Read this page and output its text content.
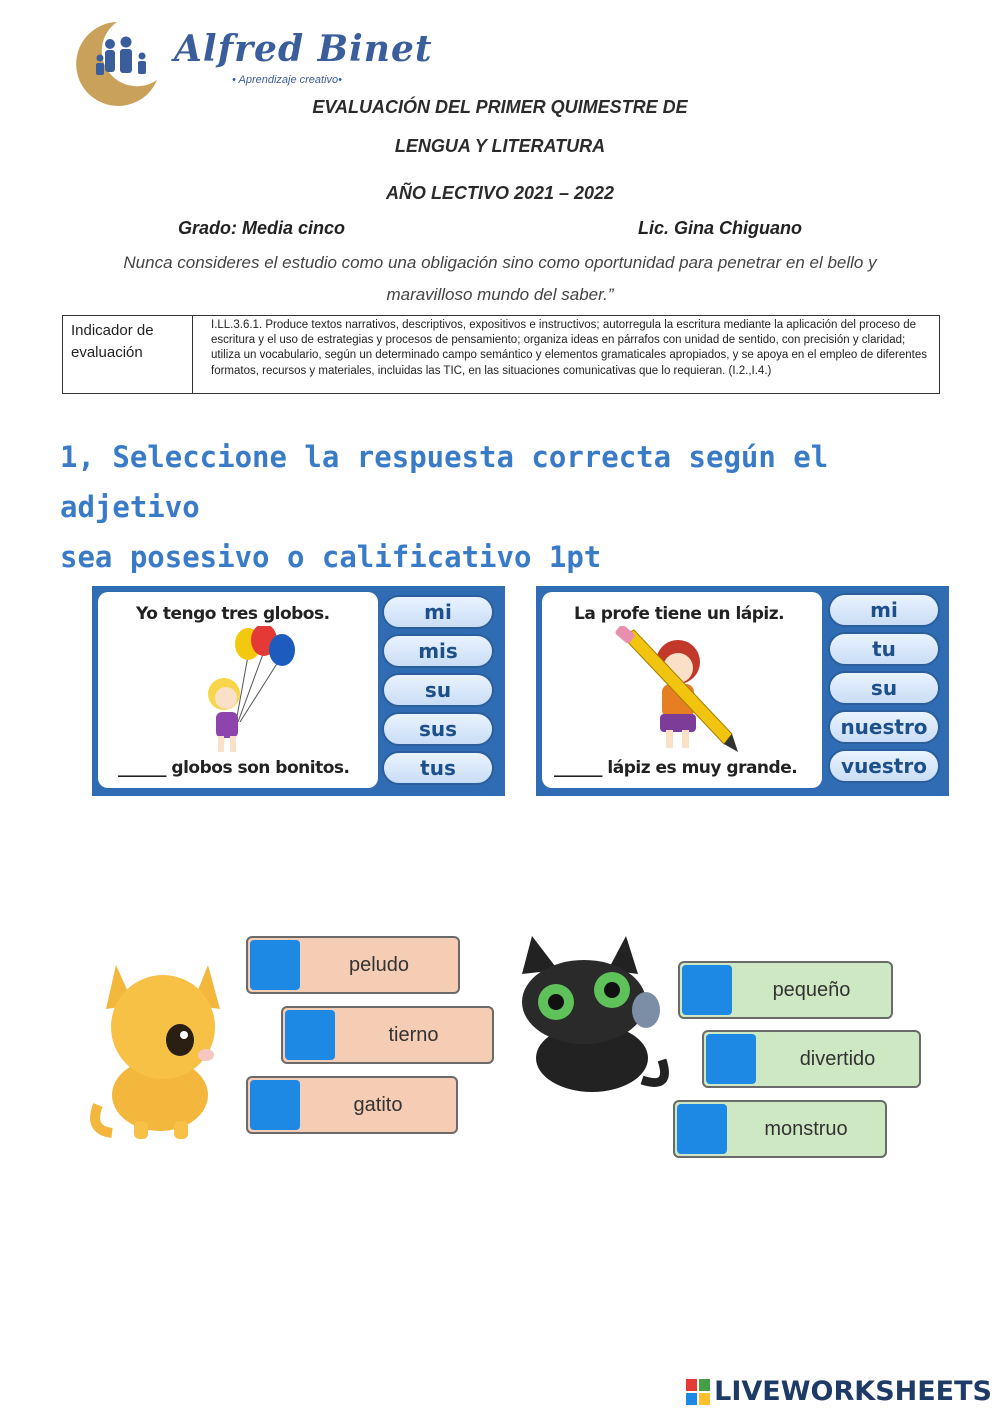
Alfred Binet
• Aprendizaje creativo•
EVALUACIÓN DEL PRIMER QUIMESTRE DE
LENGUA Y LITERATURA
AÑO LECTIVO 2021 – 2022
Grado: Media cinco	Lic. Gina Chiguano
Nunca consideres el estudio como una obligación sino como oportunidad para penetrar en el bello y
maravilloso mundo del saber.”
Indicador de evaluación
I.LL.3.6.1. Produce textos narrativos, descriptivos, expositivos e instructivos; autorregula la escritura mediante la aplicación del proceso de escritura y el uso de estrategias y procesos de pensamiento; organiza ideas en párrafos con unidad de sentido, con precisión y claridad; utiliza un vocabulario, según un determinado campo semántico y elementos gramaticales apropiados, y se apoya en el empleo de diferentes formatos, recursos y materiales, incluidas las TIC, en las situaciones comunicativas que lo requieran. (I.2.,I.4.)
1, Seleccione la respuesta correcta según el adjetivo
sea posesivo o calificativo 1pt
Yo tengo tres globos.
______ globos son bonitos.
mi
mis
su
sus
tus
La profe tiene un lápiz.
______ lápiz es muy grande.
mi
tu
su
nuestro
vuestro
peludo
tierno
gatito
pequeño
divertido
monstruo
LIVEWORKSHEETS
